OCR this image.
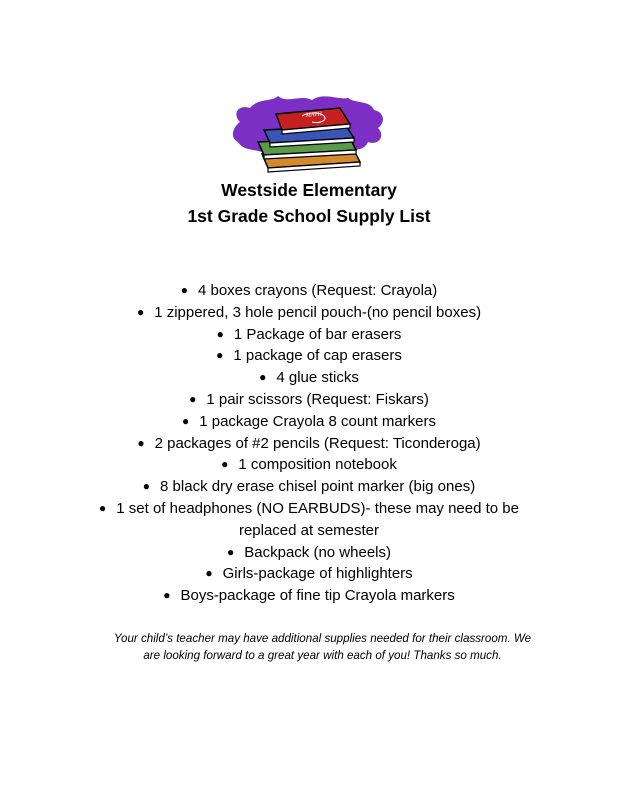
MATH
Westside Elementary
1st Grade School Supply List
● 4 boxes crayons (Request: Crayola)
● 1 zippered, 3 hole pencil pouch-(no pencil boxes)
● 1 Package of bar erasers
● 1 package of cap erasers
● 4 glue sticks
● 1 pair scissors (Request: Fiskars)
● 1 package Crayola 8 count markers
● 2 packages of #2 pencils (Request: Ticonderoga)
● 1 composition notebook
● 8 black dry erase chisel point marker (big ones)
● 1 set of headphones (NO EARBUDS)- these may need to be replaced at semester
● Backpack (no wheels)
● Girls-package of highlighters
● Boys-package of fine tip Crayola markers
Your child’s teacher may have additional supplies needed for their classroom. We are looking forward to a great year with each of you! Thanks so much.
